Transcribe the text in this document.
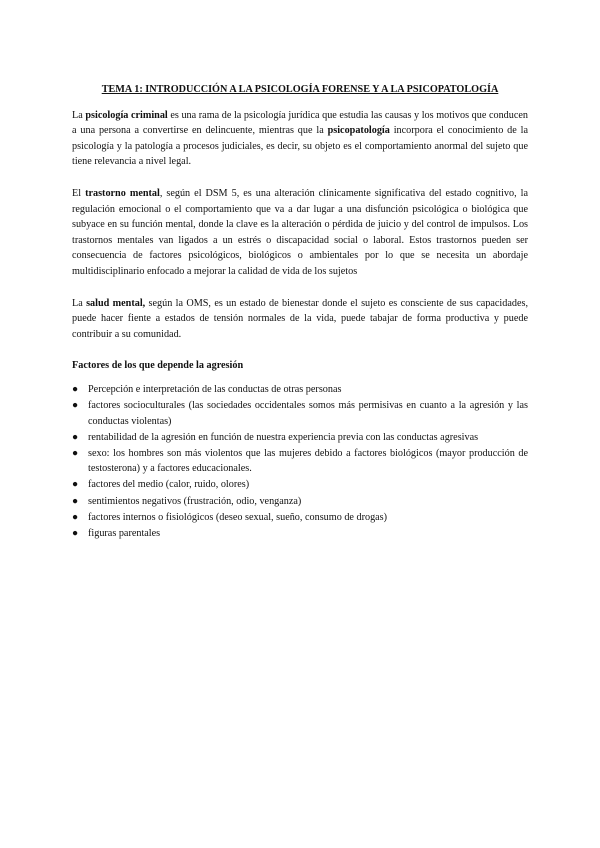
TEMA 1: INTRODUCCIÓN A LA PSICOLOGÍA FORENSE Y A LA PSICOPATOLOGÍA

La psicología criminal es una rama de la psicología jurídica que estudia las causas y los motivos que conducen a una persona a convertirse en delincuente, mientras que la psicopatología incorpora el conocimiento de la psicología y la patología a procesos judiciales, es decir, su objeto es el comportamiento anormal del sujeto que tiene relevancia a nivel legal.

El trastorno mental, según el DSM 5, es una alteración clínicamente significativa del estado cognitivo, la regulación emocional o el comportamiento que va a dar lugar a una disfunción psicológica o biológica que subyace en su función mental, donde la clave es la alteración o pérdida de juicio y del control de impulsos. Los trastornos mentales van ligados a un estrés o discapacidad social o laboral. Estos trastornos pueden ser consecuencia de factores psicológicos, biológicos o ambientales por lo que se necesita un abordaje multidisciplinario enfocado a mejorar la calidad de vida de los sujetos

La salud mental, según la OMS, es un estado de bienestar donde el sujeto es consciente de sus capacidades, puede hacer fiente a estados de tensión normales de la vida, puede tabajar de forma productiva y puede contribuir a su comunidad.

Factores de los que depende la agresión
● Percepción e interpretación de las conductas de otras personas
● factores socioculturales (las sociedades occidentales somos más permisivas en cuanto a la agresión y las conductas violentas)
● rentabilidad de la agresión en función de nuestra experiencia previa con las conductas agresivas
● sexo: los hombres son más violentos que las mujeres debido a factores biológicos (mayor producción de testosterona) y a factores educacionales.
● factores del medio (calor, ruido, olores)
● sentimientos negativos (frustración, odio, venganza)
● factores internos o fisiológicos (deseo sexual, sueño, consumo de drogas)
● figuras parentales
